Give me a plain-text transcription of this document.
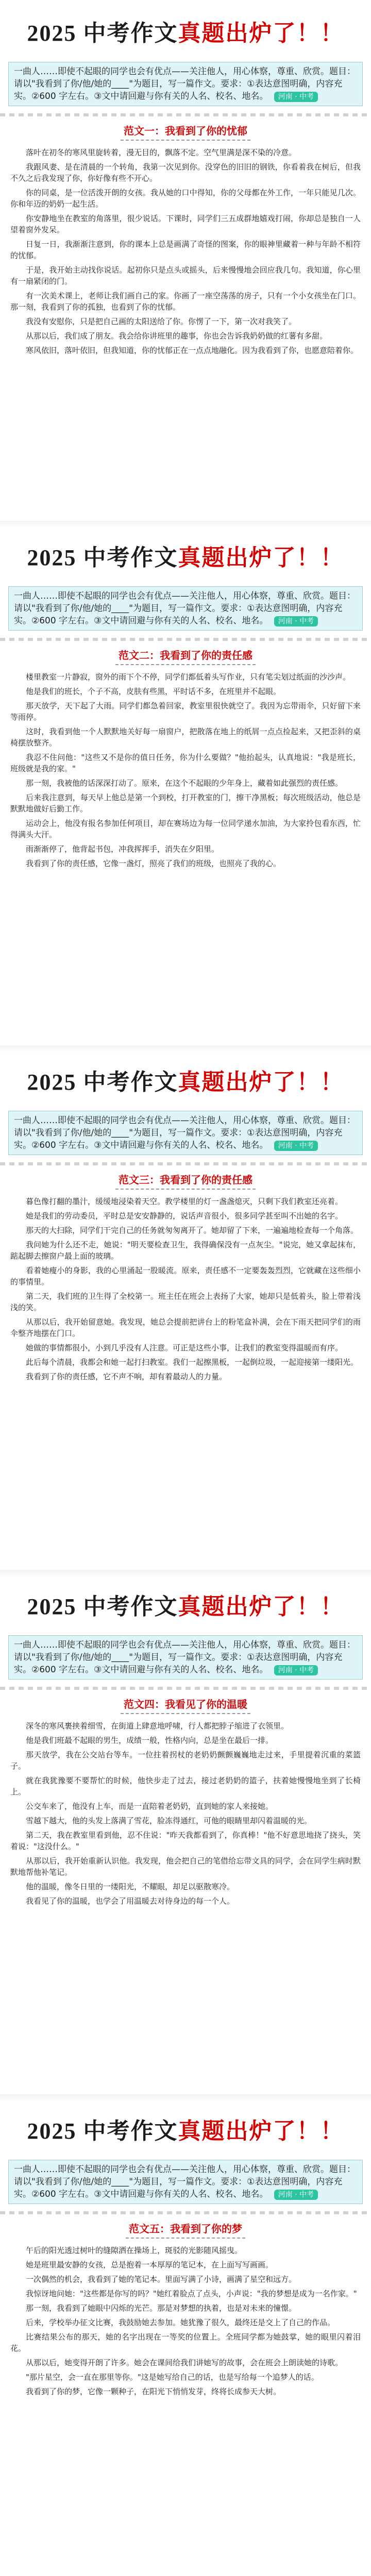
2025 中考作文真题出炉了！！
一曲人……即使不起眼的同学也会有优点——关注他人，用心体察，尊重、欣赏。题目：请以"我看到了你/他/她的____"为题目，写一篇作文。要求：①表达意图明确，内容充实。②600 字左右。③文中请回避与你有关的人名、校名、地名。 河南 · 中考
范文一：我看到了你的忧郁

落叶在初冬的寒风里旋转着，漫无目的，飘落不定。空气里满是深不染的冷意。

我跟风妻、是在清晨的一个转角，我第一次见到你。没穿色的旧旧的钢铁，你看着我在树后，但我不久之后我发现了你，你好像有些不开心。

你的同桌，是一位活泼开朗的女孩。我从她的口中得知，你的父母都在外工作，一年只能见几次。你和年迈的奶奶一起生活。

你安静地坐在教室的角落里，很少说话。下课时，同学们三五成群地嬉戏打闹，你却总是独自一人望着窗外发呆。

日复一日，我渐渐注意到，你的课本上总是画满了奇怪的图案，你的眼神里藏着一种与年龄不相符的忧郁。

于是，我开始主动找你说话。起初你只是点头或摇头，后来慢慢地会回应我几句。我知道，你心里有一扇紧闭的门。

有一次美术课上，老师让我们画自己的家。你画了一座空荡荡的房子，只有一个小女孩坐在门口。那一刻，我看到了你的孤独，也看到了你的忧郁。

我没有安慰你，只是把自己画的太阳送给了你。你愣了一下，第一次对我笑了。

从那以后，我们成了朋友。我会给你讲班里的趣事，你也会告诉我奶奶做的红薯有多甜。

寒风依旧，落叶依旧，但我知道，你的忧郁正在一点点地融化。因为我看到了你，也愿意陪着你。

2025 中考作文真题出炉了！！
一曲人……即使不起眼的同学也会有优点——关注他人，用心体察，尊重、欣赏。题目：请以"我看到了你/他/她的____"为题目，写一篇作文。要求：①表达意图明确，内容充实。②600 字左右。③文中请回避与你有关的人名、校名、地名。 河南 · 中考
范文二：我看到了你的责任感

楼里教室一片静寂，窗外的雨下个不停，同学们都低着头写作业，只有笔尖划过纸面的沙沙声。

他是我们的班长，个子不高，皮肤有些黑，平时话不多，在班里并不起眼。

那天放学，天下起了大雨。同学们都急着回家，教室里很快就空了。我因为忘带雨伞，只好留下来等雨停。

这时，我看到他一个人默默地关好每一扇窗户，把散落在地上的纸屑一点点捡起来，又把歪斜的桌椅摆放整齐。

我忍不住问他："这些又不是你的值日任务，你为什么要做？"他抬起头，认真地说："我是班长，班级就是我的家。"

那一刻，我被他的话深深打动了。原来，在这个不起眼的少年身上，藏着如此强烈的责任感。

后来我注意到，每天早上他总是第一个到校，打开教室的门，擦干净黑板；每次班级活动，他总是默默地做好后勤工作。

运动会上，他没有报名参加任何项目，却在赛场边为每一位同学递水加油，为大家拎包看东西，忙得满头大汗。

雨渐渐停了，他背起书包，冲我挥挥手，消失在夕阳里。

我看到了你的责任感，它像一盏灯，照亮了我们的班级，也照亮了我的心。

2025 中考作文真题出炉了！！
一曲人……即使不起眼的同学也会有优点——关注他人，用心体察，尊重、欣赏。题目：请以"我看到了你/他/她的____"为题目，写一篇作文。要求：①表达意图明确，内容充实。②600 字左右。③文中请回避与你有关的人名、校名、地名。 河南 · 中考
范文三：我看到了你的责任感

暮色像打翻的墨汁，缓缓地浸染着天空。教学楼里的灯一盏盏熄灭，只剩下我们教室还亮着。

她是我们的劳动委员，平时总是安安静静的，说话声音很小，很多同学甚至叫不出她的名字。

那天的大扫除，同学们干完自己的任务就匆匆离开了。她却留了下来，一遍遍地检查每一个角落。

我问她为什么还不走，她说："明天要检查卫生，我得确保没有一点灰尘。"说完，她又拿起抹布，踮起脚去擦窗户最上面的玻璃。

看着她瘦小的身影，我的心里涌起一股暖流。原来，责任感不一定要轰轰烈烈，它就藏在这些细小的事情里。

第二天，我们班的卫生得了全校第一。班主任在班会上表扬了大家，她却只是低着头，脸上带着浅浅的笑。

从那以后，我开始留意她。我发现，她总会提前把讲台上的粉笔盒补满，会在下雨天把同学们的雨伞整齐地摆在门口。

她做的事情都很小，小到几乎没有人注意。可正是这些小事，让我们的教室变得温暖而有序。

此后每个清晨，我都会和她一起打扫教室。我们一起擦黑板，一起倒垃圾，一起迎接第一缕阳光。

我看到了你的责任感，它不声不响，却有着最动人的力量。

2025 中考作文真题出炉了！！
一曲人……即使不起眼的同学也会有优点——关注他人，用心体察，尊重、欣赏。题目：请以"我看到了你/他/她的____"为题目，写一篇作文。要求：①表达意图明确，内容充实。②600 字左右。③文中请回避与你有关的人名、校名、地名。 河南 · 中考
范文四：我看见了你的温暖

深冬的寒风裹挟着细雪，在街道上肆意地呼啸，行人都把脖子缩进了衣领里。

他是我们班最不起眼的男生，成绩一般，性格内向，总是坐在最后一排。

那天放学，我在公交站台等车。一位拄着拐杖的老奶奶颤颤巍巍地走过来，手里提着沉重的菜篮子。

就在我犹豫要不要帮忙的时候，他快步走了过去，接过老奶奶的篮子，扶着她慢慢地坐到了长椅上。

公交车来了，他没有上车，而是一直陪着老奶奶，直到她的家人来接她。

雪越下越大，他的头发上落满了雪花，脸冻得通红，可他的眼睛里却闪着温暖的光。

第二天，我在教室里看到他，忍不住说："昨天我都看到了，你真棒！"他不好意思地挠了挠头，笑着说："这没什么。"

从那以后，我开始重新认识他。我发现，他会把自己的笔借给忘带文具的同学，会在同学生病时默默地帮他补笔记。

他的温暖，像冬日里的一缕阳光，不耀眼，却足以驱散寒冷。

我看见了你的温暖，也学会了用温暖去对待身边的每一个人。

2025 中考作文真题出炉了！！
一曲人……即使不起眼的同学也会有优点——关注他人，用心体察，尊重、欣赏。题目：请以"我看到了你/他/她的____"为题目，写一篇作文。要求：①表达意图明确，内容充实。②600 字左右。③文中请回避与你有关的人名、校名、地名。 河南 · 中考
范文五：我看到了你的梦

午后的阳光透过树叶的缝隙洒在操场上，斑驳的光影随风摇曳。

她是班里最安静的女孩，总是抱着一本厚厚的笔记本，在上面写写画画。

一次偶然的机会，我看到了她的笔记本。里面写满了小诗，画满了星空和远方。

我惊讶地问她："这些都是你写的吗？"她红着脸点了点头，小声说："我的梦想是成为一名作家。"

那一刻，我看到了她眼中闪烁的光芒。那是对梦想的执着，也是对未来的憧憬。

后来，学校举办征文比赛，我鼓励她去参加。她犹豫了很久，最终还是交上了自己的作品。

比赛结果公布的那天，她的名字出现在一等奖的位置上。全班同学都为她鼓掌，她的眼里闪着泪花。

从那以后，她变得开朗了许多。她会在课间给我们讲她写的故事，会在班会上朗读她的诗歌。

"那片星空，会一直在那里等你。"这是她写给自己的话，也是写给每一个追梦人的话。

我看到了你的梦，它像一颗种子，在阳光下悄悄发芽，终将长成参天大树。
